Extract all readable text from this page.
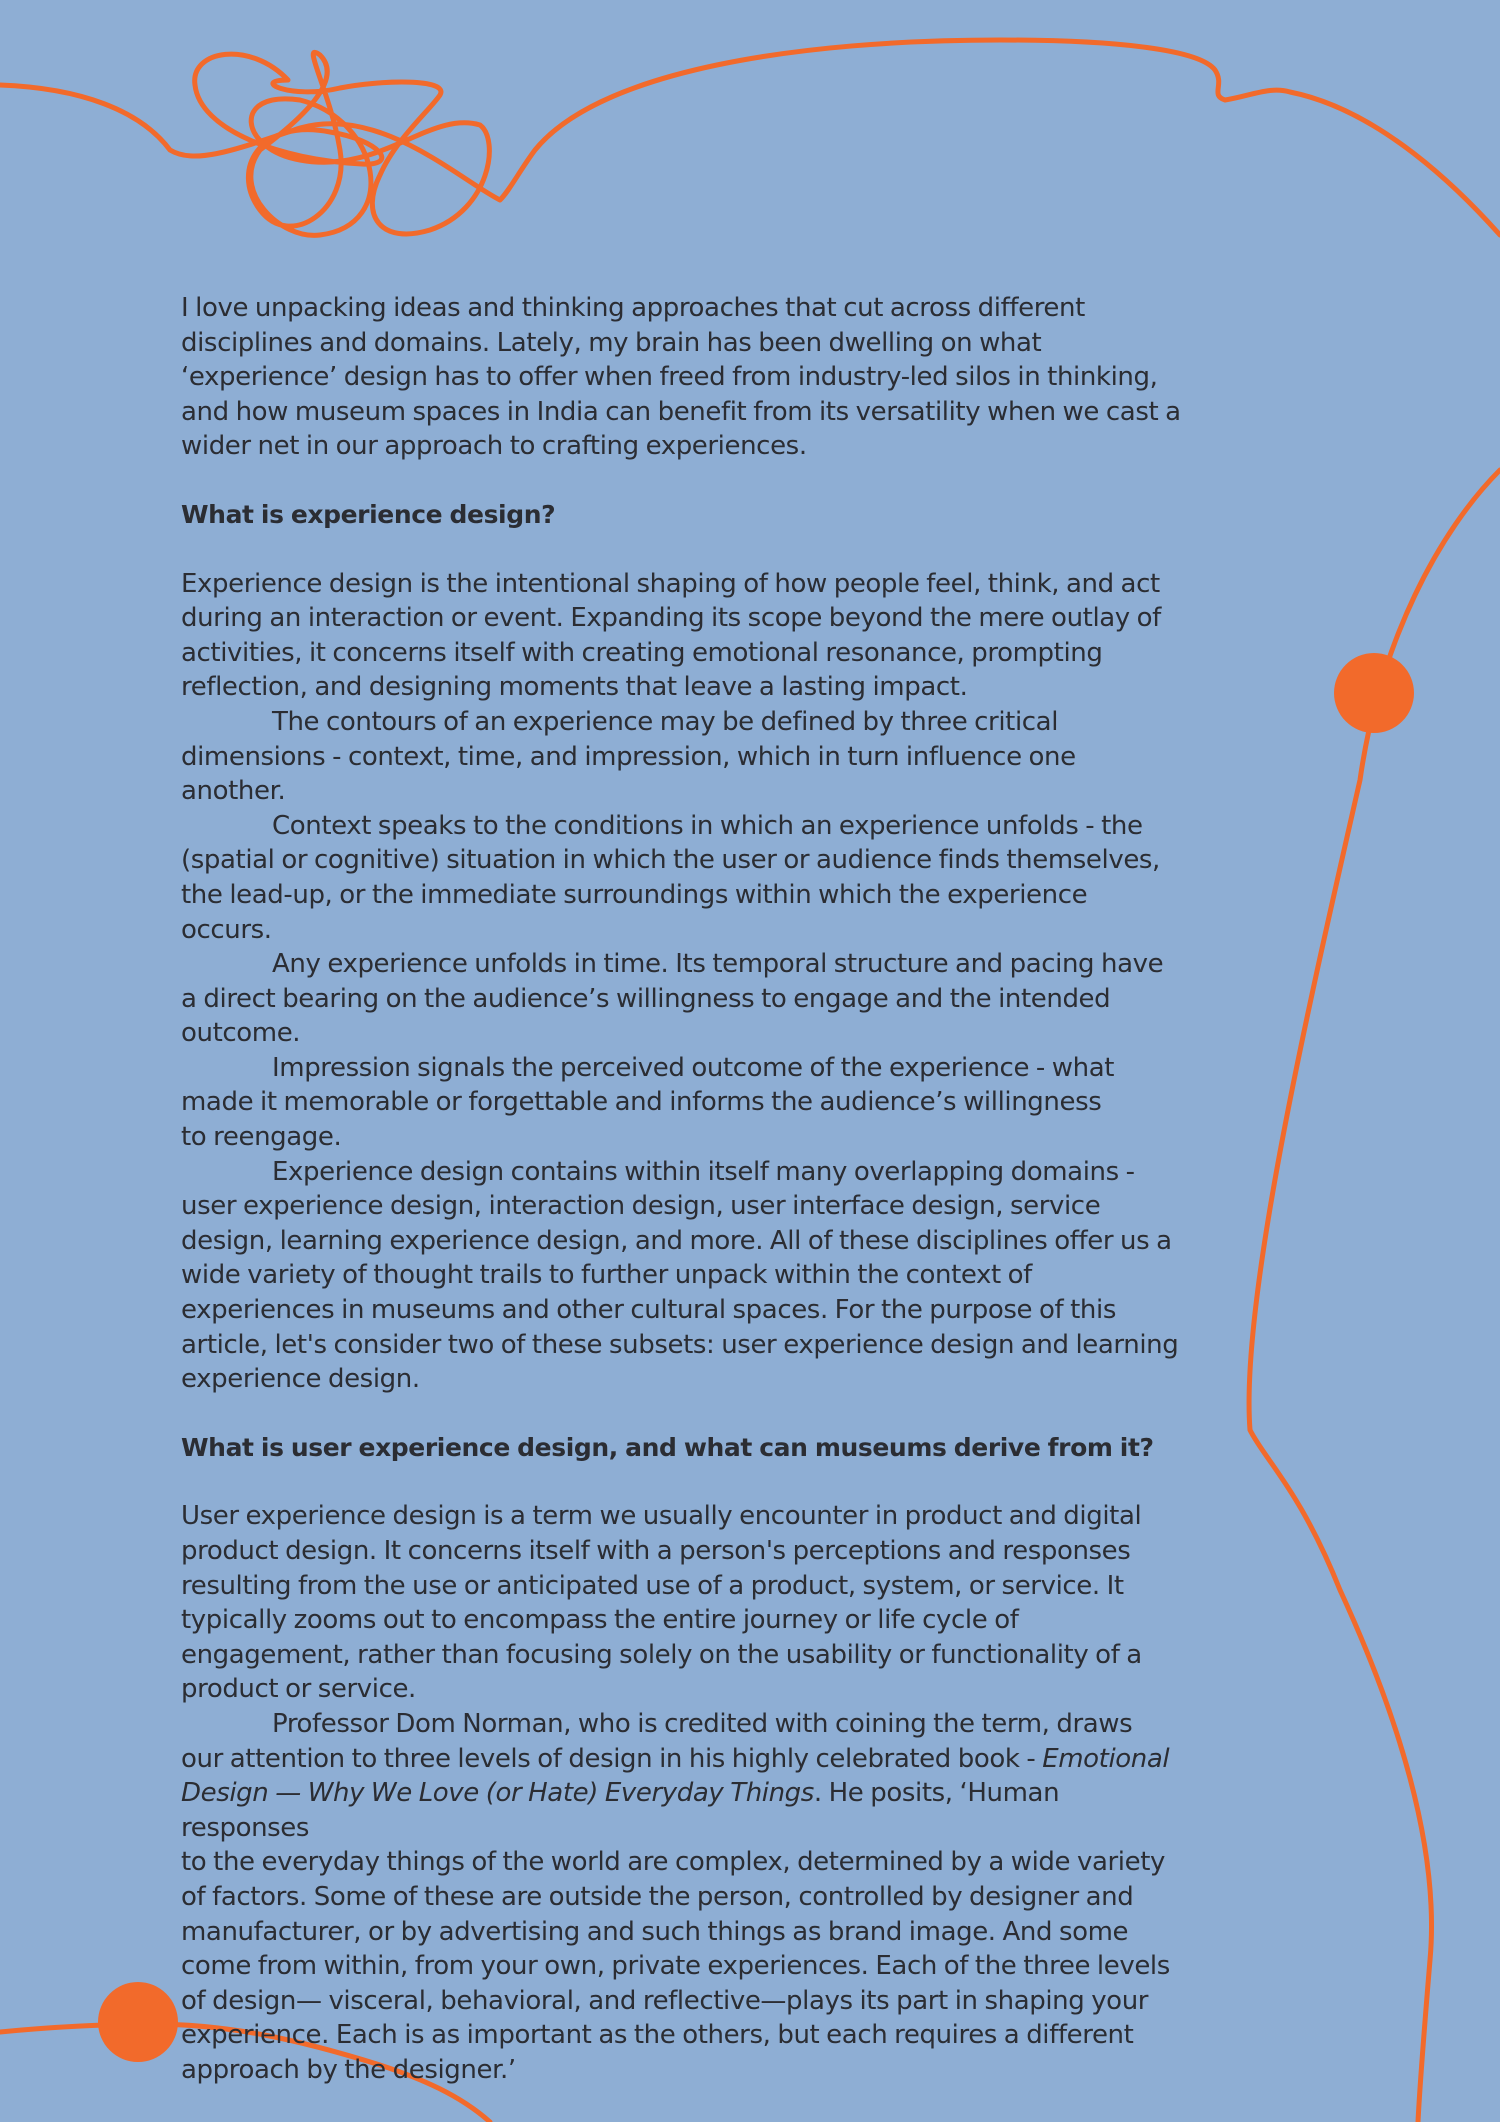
I love unpacking ideas and thinking approaches that cut across different
disciplines and domains. Lately, my brain has been dwelling on what
‘experience’ design has to offer when freed from industry-led silos in thinking,
and how museum spaces in India can benefit from its versatility when we cast a
wider net in our approach to crafting experiences.

What is experience design?

Experience design is the intentional shaping of how people feel, think, and act
during an interaction or event. Expanding its scope beyond the mere outlay of
activities, it concerns itself with creating emotional resonance, prompting
reflection, and designing moments that leave a lasting impact.

The contours of an experience may be defined by three critical
dimensions - context, time, and impression, which in turn influence one another.

Context speaks to the conditions in which an experience unfolds - the
(spatial or cognitive) situation in which the user or audience finds themselves,
the lead-up, or the immediate surroundings within which the experience occurs.

Any experience unfolds in time. Its temporal structure and pacing have
a direct bearing on the audience’s willingness to engage and the intended
outcome.

Impression signals the perceived outcome of the experience - what
made it memorable or forgettable and informs the audience’s willingness
to reengage.

Experience design contains within itself many overlapping domains -
user experience design, interaction design, user interface design, service
design, learning experience design, and more. All of these disciplines offer us a
wide variety of thought trails to further unpack within the context of
experiences in museums and other cultural spaces. For the purpose of this
article, let's consider two of these subsets: user experience design and learning
experience design.

What is user experience design, and what can museums derive from it?

User experience design is a term we usually encounter in product and digital
product design. It concerns itself with a person's perceptions and responses
resulting from the use or anticipated use of a product, system, or service. It
typically zooms out to encompass the entire journey or life cycle of
engagement, rather than focusing solely on the usability or functionality of a
product or service.

Professor Dom Norman, who is credited with coining the term, draws
our attention to three levels of design in his highly celebrated book - Emotional
Design — Why We Love (or Hate) Everyday Things. He posits, ‘Human responses
to the everyday things of the world are complex, determined by a wide variety
of factors. Some of these are outside the person, controlled by designer and
manufacturer, or by advertising and such things as brand image. And some
come from within, from your own, private experiences. Each of the three levels
of design— visceral, behavioral, and reflective—plays its part in shaping your
experience. Each is as important as the others, but each requires a different
approach by the designer.’
